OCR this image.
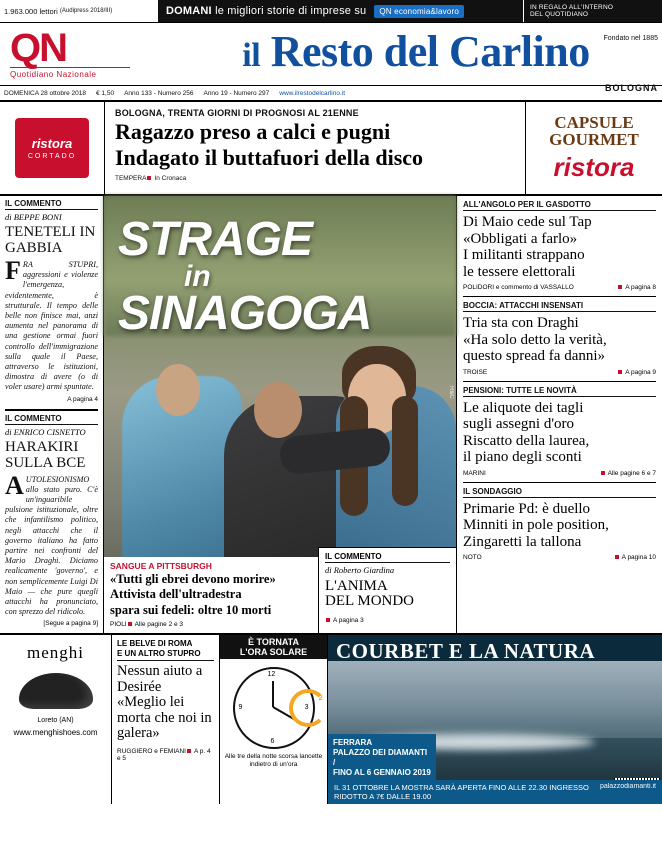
1.963.000 lettori
(Audipress 2018/III)	DOMANI
le migliori storie di imprese su	QN economia&lavoro	IN REGALO ALL'INTERNO
DEL QUOTIDIANO
QN
Quotidiano Nazionale
Fondato nel 1885
il Resto del Carlino
BOLOGNA
DOMENICA 28 ottobre 2018 € 1,50 Anno 133 - Numero 256 Anno 19 - Numero 297 www.ilrestodelcarlino.it
ristora
CORTADO
BOLOGNA, TRENTA GIORNI DI PROGNOSI AL 21ENNE
Ragazzo preso a calci e pugni
Indagato il buttafuori della disco
TEMPERA In Cronaca
CAPSULE
GOURMET
ristora
IL COMMENTO
di BEPPE BONI
TENETELI IN GABBIA
FRA STUPRI, aggressioni e violenze l'emergenza, evidentemente, è strutturale. Il tempo delle belle non finisce mai, anzi aumenta nel panorama di una gestione ormai fuori controllo dell'immigrazione sulla quale il Paese, attraverso le istituzioni, dimostra di avere (o di voler usare) armi spuntate.
A pagina 4
IL COMMENTO
di ENRICO CISNETTO
HARAKIRI SULLA BCE
AUTOLESIONISMO allo stato puro. C'è un'inguaribile pulsione istituzionale, oltre che infantilismo politico, negli attacchi che il governo italiano ha fatto partire nei confronti del Mario Draghi. Diciamo realicamente 'governo', e non semplicemente Luigi Di Maio — che pure quegli attacchi ha pronunciato, con sprezzo del ridicolo.
[Segue a pagina 9]
STRAGE
in
SINAGOGA
R&C
SANGUE A PITTSBURGH
«Tutti gli ebrei devono morire»
Attivista dell'ultradestra
spara sui fedeli: oltre 10 morti
PIOLI Alle pagine 2 e 3
IL COMMENTO
di Roberto Giardina
L'ANIMA
DEL MONDO
A pagina 3
ALL'ANGOLO PER IL GASDOTTO
Di Maio cede sul Tap
«Obbligati a farlo»
I militanti strappano
le tessere elettorali
POLIDORI e commento di VASSALLO	A pagina 8
BOCCIA: ATTACCHI INSENSATI
Tria sta con Draghi
«Ha solo detto la verità,
questo spread fa danni»
TROISE	A pagina 9
PENSIONI: TUTTE LE NOVITÀ
Le aliquote dei tagli
sugli assegni d'oro
Riscatto della laurea,
il piano degli sconti
MARINI	Alle pagine 6 e 7
IL SONDAGGIO
Primarie Pd: è duello
Minniti in pole position,
Zingaretti la tallona
NOTO	A pagina 10
menghi
Loreto (AN)
www.menghishoes.com
LE BELVE DI ROMA
E UN ALTRO STUPRO
Nessun aiuto a Desirée «Meglio lei morta che noi in galera»
RUGGIERO e FEMIANI A p. 4 e 5
È TORNATA
L'ORA SOLARE
12
3
6
9
2
Alle tre della notte scorsa lancette indietro di un'ora
COURBET E LA NATURA
FERRARA
PALAZZO DEI DIAMANTI /
FINO AL 6 GENNAIO 2019
palazzodiamanti.it
IL 31 OTTOBRE LA MOSTRA SARÀ APERTA FINO ALLE 22.30 INGRESSO RIDOTTO A 7€ DALLE 19.00
